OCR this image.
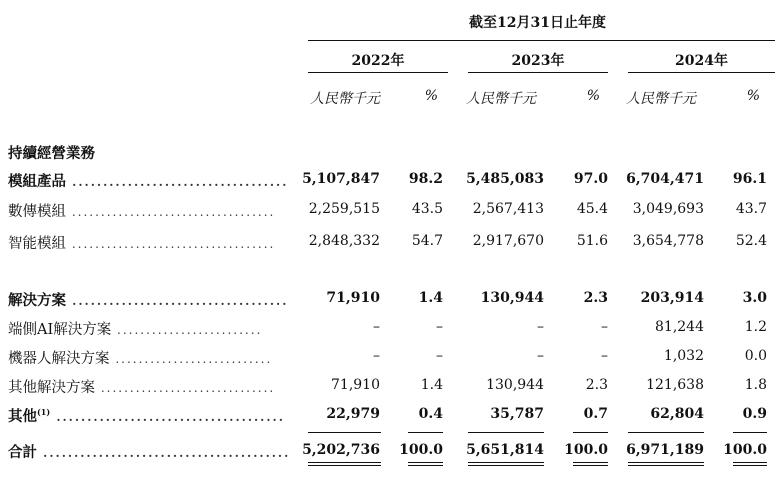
截至12月31日止年度
2022年	2023年	2024年
人民幣千元	% 人民幣千元	% 人民幣千元	%
持續經營業務
模組產品 ................................... 5,107,847	98.2	5,485,083	97.0	6,704,471	96.1
數傳模組 ...................................	2,259,515	43.5	2,567,413	45.4	3,049,693	43.7
智能模組 ...................................	2,848,332	54.7	2,917,670	51.6	3,654,778	52.4
解決方案 ...................................	71,910	1.4	130,944	2.3	203,914	3.0
端側AI解決方案 .........................	–	–	–	–	81,244	1.2
機器人解決方案 ...........................	–	–	–	–	1,032	0.0
其他解決方案 ..............................	71,910	1.4	130,944	2.3	121,638	1.8
其他$^{(1)}$ .....................................	22,979	0.4	35,787	0.7	62,804	0.9
合計 ........................................ 5,202,736 100.0	5,651,814 100.0	6,971,189 100.0
